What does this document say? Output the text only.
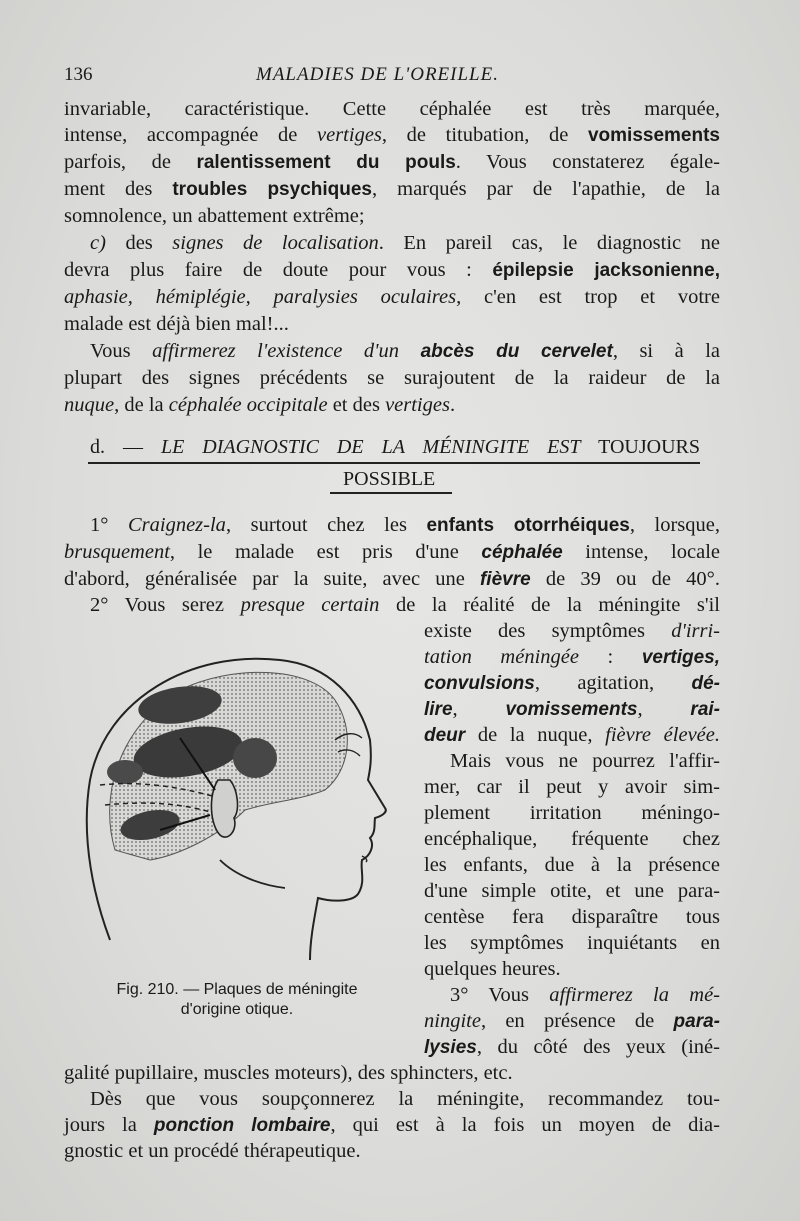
136	MALADIES DE L'OREILLE.
invariable, caractéristique. Cette céphalée est très marquée,
intense, accompagnée de vertiges, de titubation, de vomissements
parfois, de ralentissement du pouls. Vous constaterez égale-
ment des troubles psychiques, marqués par de l'apathie, de la
somnolence, un abattement extrême;
c) des signes de localisation. En pareil cas, le diagnostic ne
devra plus faire de doute pour vous : épilepsie jacksonienne,
aphasie, hémiplégie, paralysies oculaires, c'en est trop et votre
malade est déjà bien mal!...
Vous affirmerez l'existence d'un abcès du cervelet, si à la
plupart des signes précédents se surajoutent de la raideur de la
nuque, de la céphalée occipitale et des vertiges.
d. — LE DIAGNOSTIC DE LA MÉNINGITE EST TOUJOURS
POSSIBLE
1° Craignez-la, surtout chez les enfants otorrhéiques, lorsque,
brusquement, le malade est pris d'une céphalée intense, locale
d'abord, généralisée par la suite, avec une fièvre de 39 ou de 40°.
2° Vous serez presque certain de la réalité de la méningite s'il
existe des symptômes d'irri-
tation méningée : vertiges,
convulsions, agitation, dé-
lire, vomissements, rai-
deur de la nuque, fièvre élevée.
Mais vous ne pourrez l'affir-
mer, car il peut y avoir sim-
plement irritation méningo-
encéphalique, fréquente chez
les enfants, due à la présence
d'une simple otite, et une para-
centèse fera disparaître tous
les symptômes inquiétants en
quelques heures.
3° Vous affirmerez la mé-
ningite, en présence de para-
lysies, du côté des yeux (iné-
galité pupillaire, muscles moteurs), des sphincters, etc.
Dès que vous soupçonnerez la méningite, recommandez tou-
jours la ponction lombaire, qui est à la fois un moyen de dia-
gnostic et un procédé thérapeutique.
Fig. 210. — Plaques de méningite
d'origine otique.
